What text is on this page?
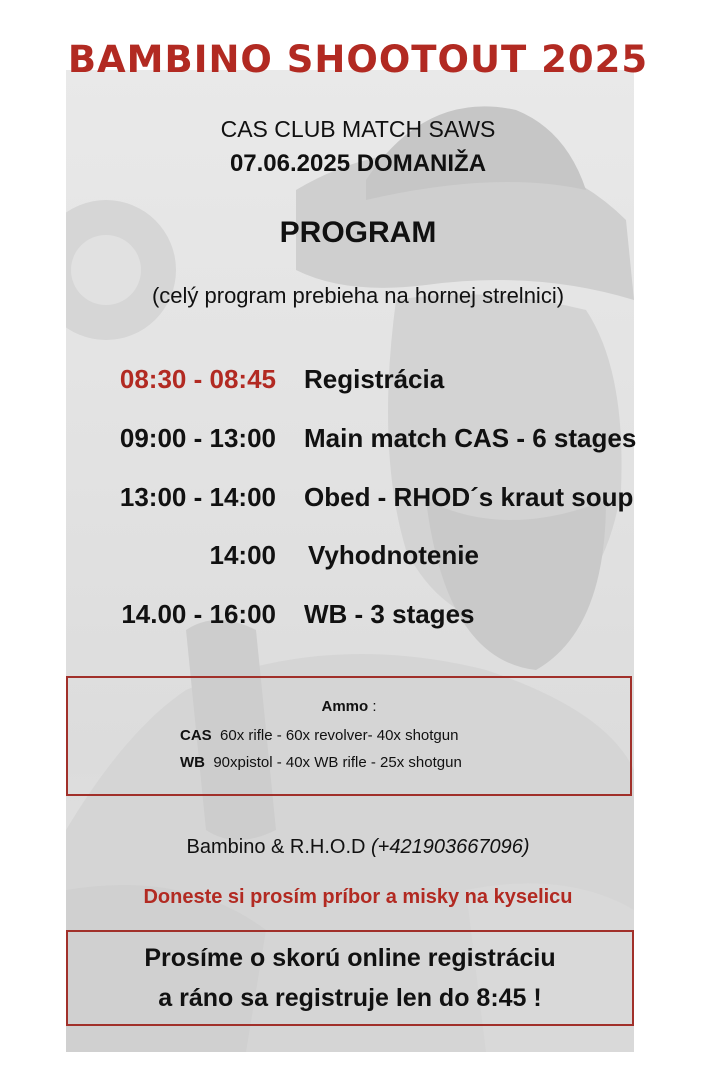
BAMBINO SHOOTOUT 2025
CAS CLUB MATCH SAWS
07.06.2025 DOMANIŽA
PROGRAM
(celý program prebieha na hornej strelnici)
08:30 - 08:45 Registrácia
09:00 - 13:00 Main match CAS - 6 stages
13:00 - 14:00 Obed - RHOD´s kraut soup
14:00 Vyhodnotenie
14.00 - 16:00 WB - 3 stages
Ammo :
CAS 60x rifle - 60x revolver- 40x shotgun
WB 90xpistol - 40x WB rifle - 25x shotgun
Bambino & R.H.O.D (+421903667096)
Doneste si prosím príbor a misky na kyselicu
Prosíme o skorú online registráciu
a ráno sa registruje len do 8:45 !
